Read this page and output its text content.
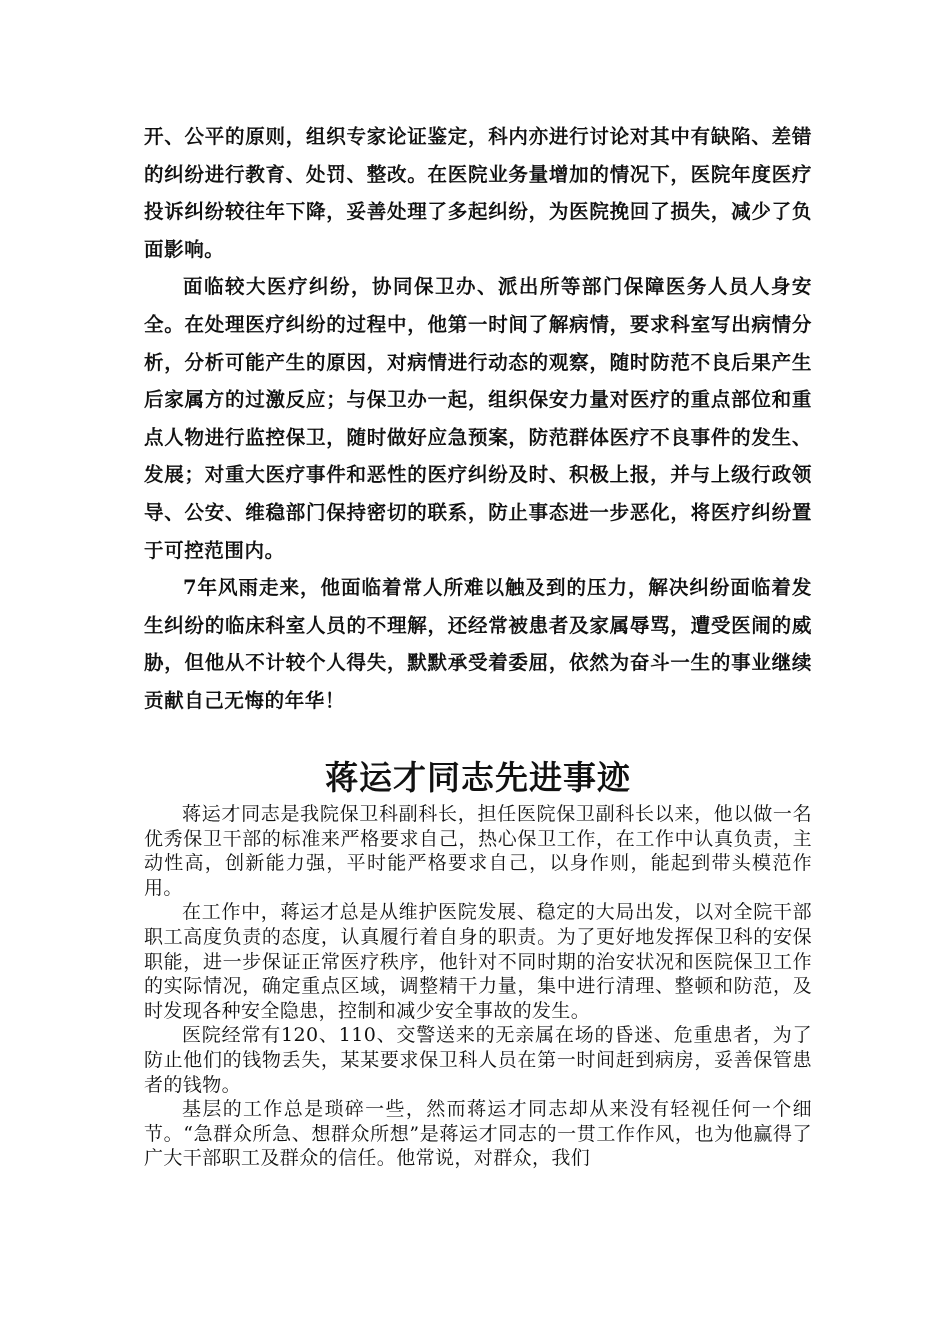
开、公平的原则，组织专家论证鉴定，科内亦进行讨论对其中有缺陷、差错的纠纷进行教育、处罚、整改。在医院业务量增加的情况下，医院年度医疗投诉纠纷较往年下降，妥善处理了多起纠纷，为医院挽回了损失，减少了负面影响。

面临较大医疗纠纷，协同保卫办、派出所等部门保障医务人员人身安全。在处理医疗纠纷的过程中，他第一时间了解病情，要求科室写出病情分析，分析可能产生的原因，对病情进行动态的观察，随时防范不良后果产生后家属方的过激反应；与保卫办一起，组织保安力量对医疗的重点部位和重点人物进行监控保卫，随时做好应急预案，防范群体医疗不良事件的发生、发展；对重大医疗事件和恶性的医疗纠纷及时、积极上报，并与上级行政领导、公安、维稳部门保持密切的联系，防止事态进一步恶化，将医疗纠纷置于可控范围内。

7年风雨走来，他面临着常人所难以触及到的压力，解决纠纷面临着发生纠纷的临床科室人员的不理解，还经常被患者及家属辱骂，遭受医闹的威胁，但他从不计较个人得失，默默承受着委屈，依然为奋斗一生的事业继续贡献自己无悔的年华！

蒋运才同志先进事迹

蒋运才同志是我院保卫科副科长，担任医院保卫副科长以来，他以做一名优秀保卫干部的标准来严格要求自己，热心保卫工作，在工作中认真负责，主动性高，创新能力强，平时能严格要求自己，以身作则，能起到带头模范作用。

在工作中，蒋运才总是从维护医院发展、稳定的大局出发，以对全院干部职工高度负责的态度，认真履行着自身的职责。为了更好地发挥保卫科的安保职能，进一步保证正常医疗秩序，他针对不同时期的治安状况和医院保卫工作的实际情况，确定重点区域，调整精干力量，集中进行清理、整顿和防范，及时发现各种安全隐患，控制和减少安全事故的发生。

医院经常有120、110、交警送来的无亲属在场的昏迷、危重患者，为了防止他们的钱物丢失，某某要求保卫科人员在第一时间赶到病房，妥善保管患者的钱物。

基层的工作总是琐碎一些，然而蒋运才同志却从来没有轻视任何一个细节。“急群众所急、想群众所想”是蒋运才同志的一贯工作作风，也为他赢得了广大干部职工及群众的信任。他常说，对群众，我们
